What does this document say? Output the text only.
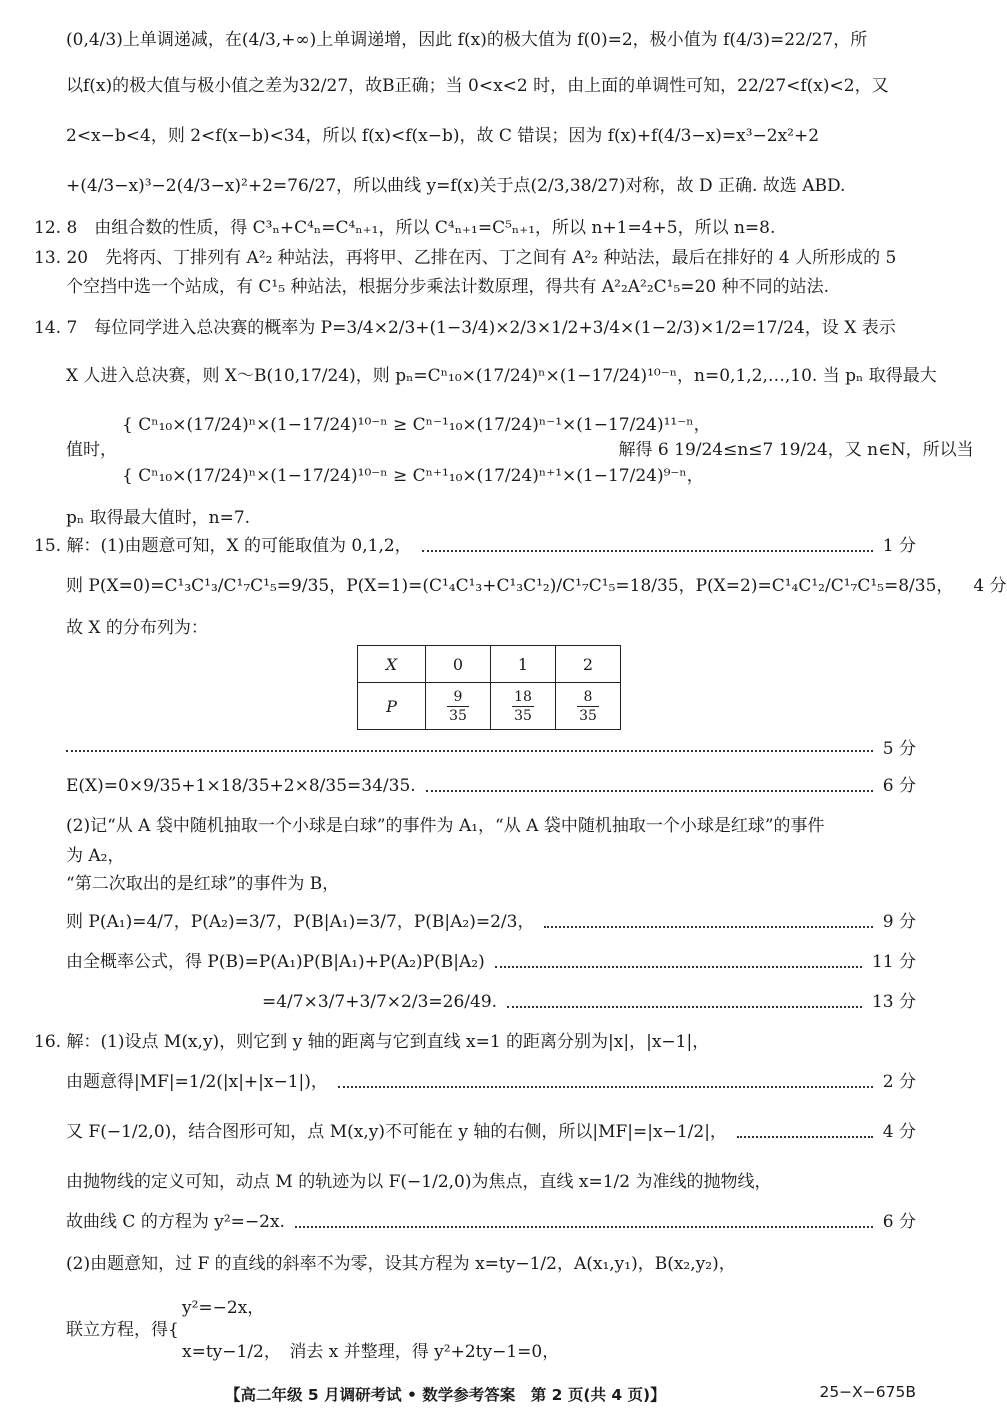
(0,4/3)上单调递减，在(4/3,+∞)上单调递增，因此 f(x)的极大值为 f(0)=2，极小值为 f(4/3)=22/27，所
以f(x)的极大值与极小值之差为32/27，故B正确；当 0<x<2 时，由上面的单调性可知，22/27<f(x)<2，又
2<x−b<4，则 2<f(x−b)<34，所以 f(x)<f(x−b)，故 C 错误；因为 f(x)+f(4/3−x)=x³−2x²+2
+(4/3−x)³−2(4/3−x)²+2=76/27，所以曲线 y=f(x)关于点(2/3,38/27)对称，故 D 正确. 故选 ABD.
12. 8　由组合数的性质，得 C³ₙ+C⁴ₙ=C⁴ₙ₊₁，所以 C⁴ₙ₊₁=C⁵ₙ₊₁，所以 n+1=4+5，所以 n=8.
13. 20　先将丙、丁排列有 A²₂ 种站法，再将甲、乙排在丙、丁之间有 A²₂ 种站法，最后在排好的 4 人所形成的 5
个空挡中选一个站成，有 C¹₅ 种站法，根据分步乘法计数原理，得共有 A²₂A²₂C¹₅=20 种不同的站法.
14. 7　每位同学进入总决赛的概率为 P=3/4×2/3+(1−3/4)×2/3×1/2+3/4×(1−2/3)×1/2=17/24，设 X 表示
X 人进入总决赛，则 X～B(10,17/24)，则 pₙ=Cⁿ₁₀×(17/24)ⁿ×(1−17/24)¹⁰⁻ⁿ，n=0,1,2,…,10. 当 pₙ 取得最大
{ Cⁿ₁₀×(17/24)ⁿ×(1−17/24)¹⁰⁻ⁿ ≥ Cⁿ⁻¹₁₀×(17/24)ⁿ⁻¹×(1−17/24)¹¹⁻ⁿ，
值时，　　　　　　　　　　　　　　　　　　　　　　　　　　　　　　解得 6 19/24≤n≤7 19/24，又 n∈N，所以当
{ Cⁿ₁₀×(17/24)ⁿ×(1−17/24)¹⁰⁻ⁿ ≥ Cⁿ⁺¹₁₀×(17/24)ⁿ⁺¹×(1−17/24)⁹⁻ⁿ，
pₙ 取得最大值时，n=7.
15. 解：(1)由题意可知，X 的可能取值为 0,1,2，	1 分
则 P(X=0)=C¹₃C¹₃/C¹₇C¹₅=9/35，P(X=1)=(C¹₄C¹₃+C¹₃C¹₂)/C¹₇C¹₅=18/35，P(X=2)=C¹₄C¹₂/C¹₇C¹₅=8/35， 4 分
故 X 的分布列为：
X	0	1	2
P	$\frac{9}{35}$	$\frac{18}{35}$	$\frac{8}{35}$
5 分
E(X)=0×9/35+1×18/35+2×8/35=34/35.	6 分
(2)记“从 A 袋中随机抽取一个小球是白球”的事件为 A₁，“从 A 袋中随机抽取一个小球是红球”的事件
为 A₂，
“第二次取出的是红球”的事件为 B，
则 P(A₁)=4/7，P(A₂)=3/7，P(B|A₁)=3/7，P(B|A₂)=2/3，	9 分
由全概率公式，得 P(B)=P(A₁)P(B|A₁)+P(A₂)P(B|A₂)	11 分
=4/7×3/7+3/7×2/3=26/49.	13 分
16. 解：(1)设点 M(x,y)，则它到 y 轴的距离与它到直线 x=1 的距离分别为|x|，|x−1|，
由题意得|MF|=1/2(|x|+|x−1|)，	2 分
又 F(−1/2,0)，结合图形可知，点 M(x,y)不可能在 y 轴的右侧，所以|MF|=|x−1/2|，	4 分
由抛物线的定义可知，动点 M 的轨迹为以 F(−1/2,0)为焦点，直线 x=1/2 为准线的抛物线，
故曲线 C 的方程为 y²=−2x.	6 分
(2)由题意知，过 F 的直线的斜率不为零，设其方程为 x=ty−1/2，A(x₁,y₁)，B(x₂,y₂)，
y²=−2x，
联立方程，得{
x=ty−1/2，　消去 x 并整理，得 y²+2ty−1=0，
【高二年级 5 月调研考试 • 数学参考答案　第 2 页(共 4 页)】	25−X−675B
